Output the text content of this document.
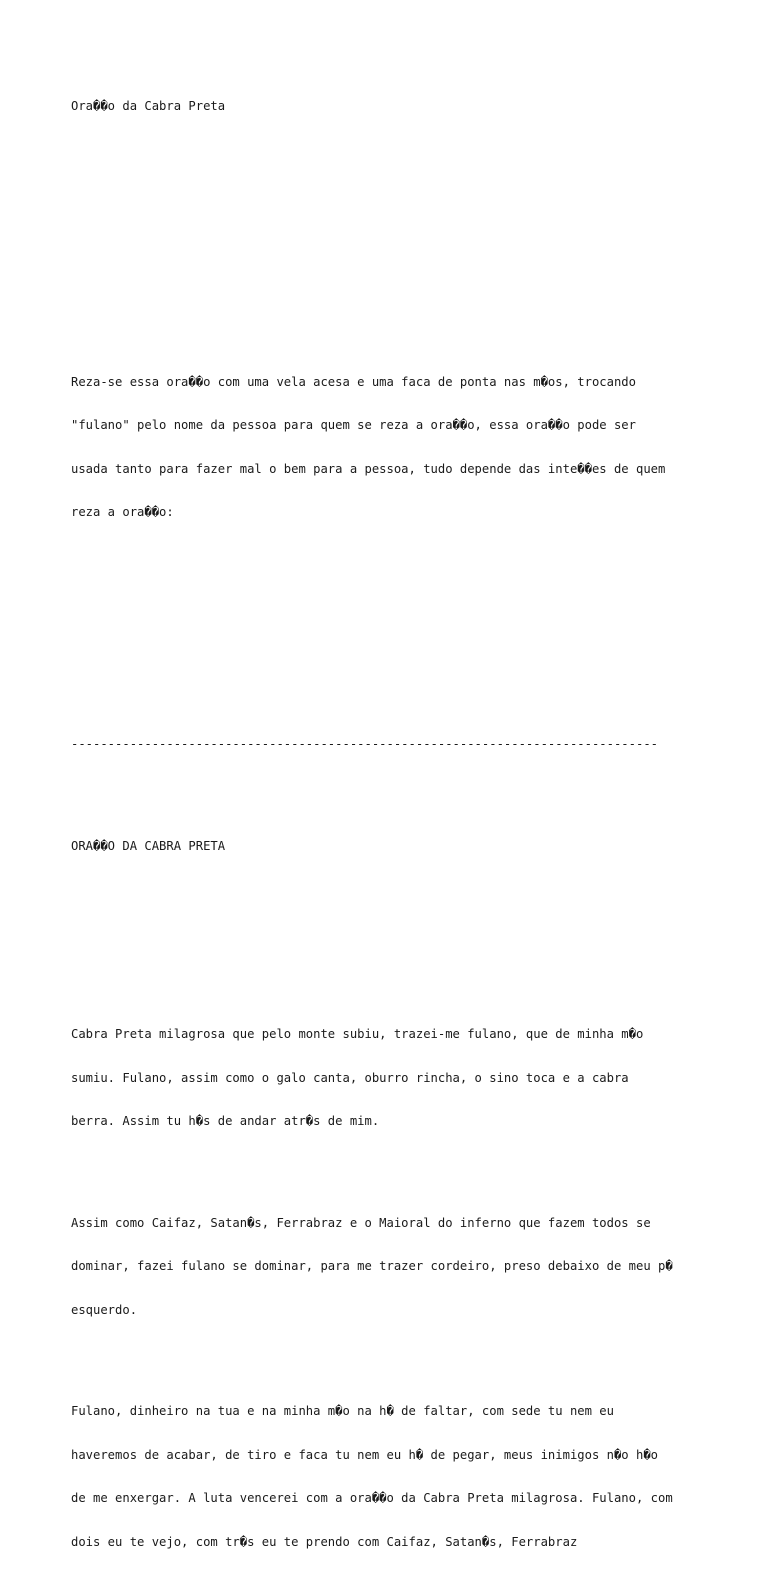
Ora��o da Cabra Preta

Reza-se essa ora��o com uma vela acesa e uma faca de ponta nas m�os, trocando

"fulano" pelo nome da pessoa para quem se reza a ora��o, essa ora��o pode ser

usada tanto para fazer mal o bem para a pessoa, tudo depende das inte��es de quem

reza a ora��o:

--------------------------------------------------------------------------------

ORA��O DA CABRA PRETA

Cabra Preta milagrosa que pelo monte subiu, trazei-me fulano, que de minha m�o

sumiu. Fulano, assim como o galo canta, oburro rincha, o sino toca e a cabra

berra. Assim tu h�s de andar atr�s de mim.

Assim como Caifaz, Satan�s, Ferrabraz e o Maioral do inferno que fazem todos se

dominar, fazei fulano se dominar, para me trazer cordeiro, preso debaixo de meu p�

esquerdo.

Fulano, dinheiro na tua e na minha m�o na h� de faltar, com sede tu nem eu

haveremos de acabar, de tiro e faca tu nem eu h� de pegar, meus inimigos n�o h�o

de me enxergar. A luta vencerei com a ora��o da Cabra Preta milagrosa. Fulano, com

dois eu te vejo, com tr�s eu te prendo com Caifaz, Satan�s, Ferrabraz
